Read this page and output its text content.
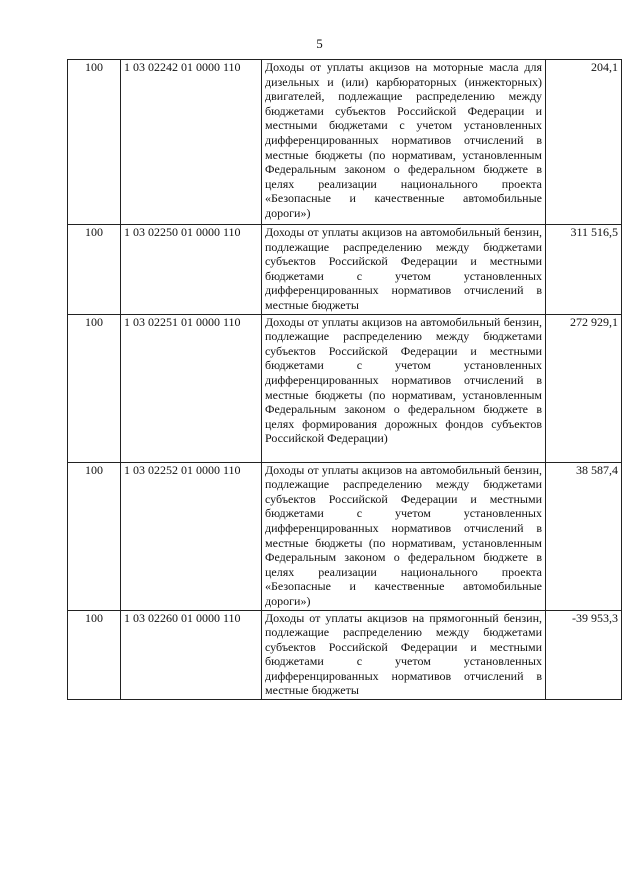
5
100	1 03 02242 01 0000 110	Доходы от уплаты акцизов на моторные масла для дизельных и (или) карбюраторных (инжекторных) двигателей, подлежащие распределению между бюджетами субъектов Российской Федерации и местными бюджетами с учетом установленных дифференцированных нормативов отчислений в местные бюджеты (по нормативам, установленным Федеральным законом о федеральном бюджете в целях реализации национального проекта «Безопасные и качественные автомобильные дороги»)	204,1
100	1 03 02250 01 0000 110	Доходы от уплаты акцизов на автомобильный бензин, подлежащие распределению между бюджетами субъектов Российской Федерации и местными бюджетами с учетом установленных дифференцированных нормативов отчислений в местные бюджеты	311 516,5
100	1 03 02251 01 0000 110	Доходы от уплаты акцизов на автомобильный бензин, подлежащие распределению между бюджетами субъектов Российской Федерации и местными бюджетами с учетом установленных дифференцированных нормативов отчислений в местные бюджеты (по нормативам, установленным Федеральным законом о федеральном бюджете в целях формирования дорожных фондов субъектов Российской Федерации)	272 929,1
100	1 03 02252 01 0000 110	Доходы от уплаты акцизов на автомобильный бензин, подлежащие распределению между бюджетами субъектов Российской Федерации и местными бюджетами с учетом установленных дифференцированных нормативов отчислений в местные бюджеты (по нормативам, установленным Федеральным законом о федеральном бюджете в целях реализации национального проекта «Безопасные и качественные автомобильные дороги»)	38 587,4
100	1 03 02260 01 0000 110	Доходы от уплаты акцизов на прямогонный бензин, подлежащие распределению между бюджетами субъектов Российской Федерации и местными бюджетами с учетом установленных дифференцированных нормативов отчислений в местные бюджеты	-39 953,3
